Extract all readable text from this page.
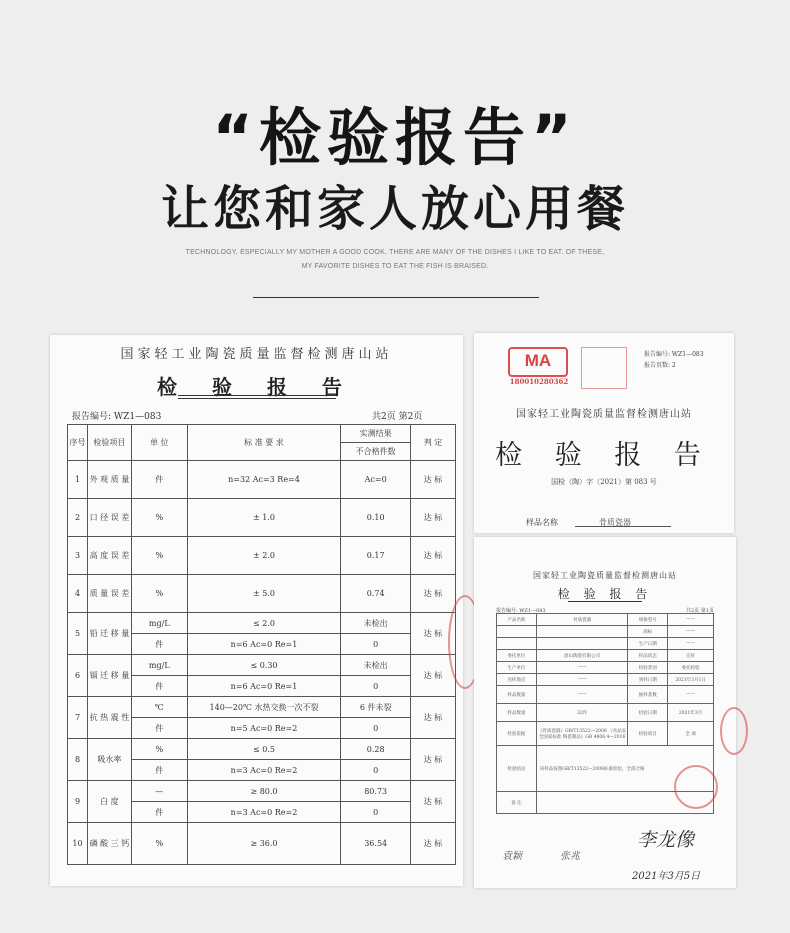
“检验报告”
让您和家人放心用餐
TECHNOLOGY, ESPECIALLY MY MOTHER A GOOD COOK, THERE ARE MANY OF THE DISHES I LIKE TO EAT. OF THESE,
MY FAVORITE DISHES TO EAT THE FISH IS BRAISED.
国家轻工业陶瓷质量监督检测唐山站
检 验 报 告
报告编号: WZ1—083	共2页 第2页
序号	检验项目	单 位	标 准 要 求	实测结果	判 定
				不合格件数	
1	外 观 质 量	件	n=32 Ac=3 Re=4	Ac=0	达 标
2	口 径 误 差	%	± 1.0	0.10	达 标
3	高 度 误 差	%	± 2.0	0.17	达 标
4	质 量 误 差	%	± 5.0	0.74	达 标
5	铅 迁 移 量	mg/L	≤ 2.0	未检出	达 标
		件	n=6 Ac=0 Re=1	0	
6	镉 迁 移 量	mg/L	≤ 0.30	未检出	达 标
		件	n=6 Ac=0 Re=1	0	
7	抗 热 震 性	℃	140—20℃ 水热交换一次不裂	6 件未裂	达 标
		件	n=5 Ac=0 Re=2	0	
8	吸水率	%	≤ 0.5	0.28	达 标
		件	n=3 Ac=0 Re=2	0	
9	白 度	—	≥ 80.0	80.73	达 标
		件	n=3 Ac=0 Re=2	0	
10	磷 酸 三 钙	%	≥ 36.0	36.54	达 标
MA
180010280362
报告编号: WZ1—083
报告页数: 2
国家轻工业陶瓷质量监督检测唐山站
检 验 报 告
国检（陶）字（2021）第 083 号
样品名称	骨质瓷器
国家轻工业陶瓷质量监督检测唐山站
检 验 报 告
报告编号: WZ1—083	共2页 第1页
产品名称	骨质瓷器	规格型号	——
		商标	——
		生产日期	——
委托单位	唐山陶瓷有限公司	样品状态	完好
生产单位	——	检验类别	委托检验
送样地点	——	到样日期	2021年3月1日
样品数量	——	抽样基数	——
样品数量	32件	检验日期	2021年3月
检验依据	《骨质瓷器》GB/T13522—2008 《食品安全国家标准 陶瓷制品》GB 4806.4—2016	检验项目	全 项
检验结论	该样品按照GB/T13522—2008标准检验，全部合格		
备 注			
李龙像
袁颖	张兆
2021年3月5日
